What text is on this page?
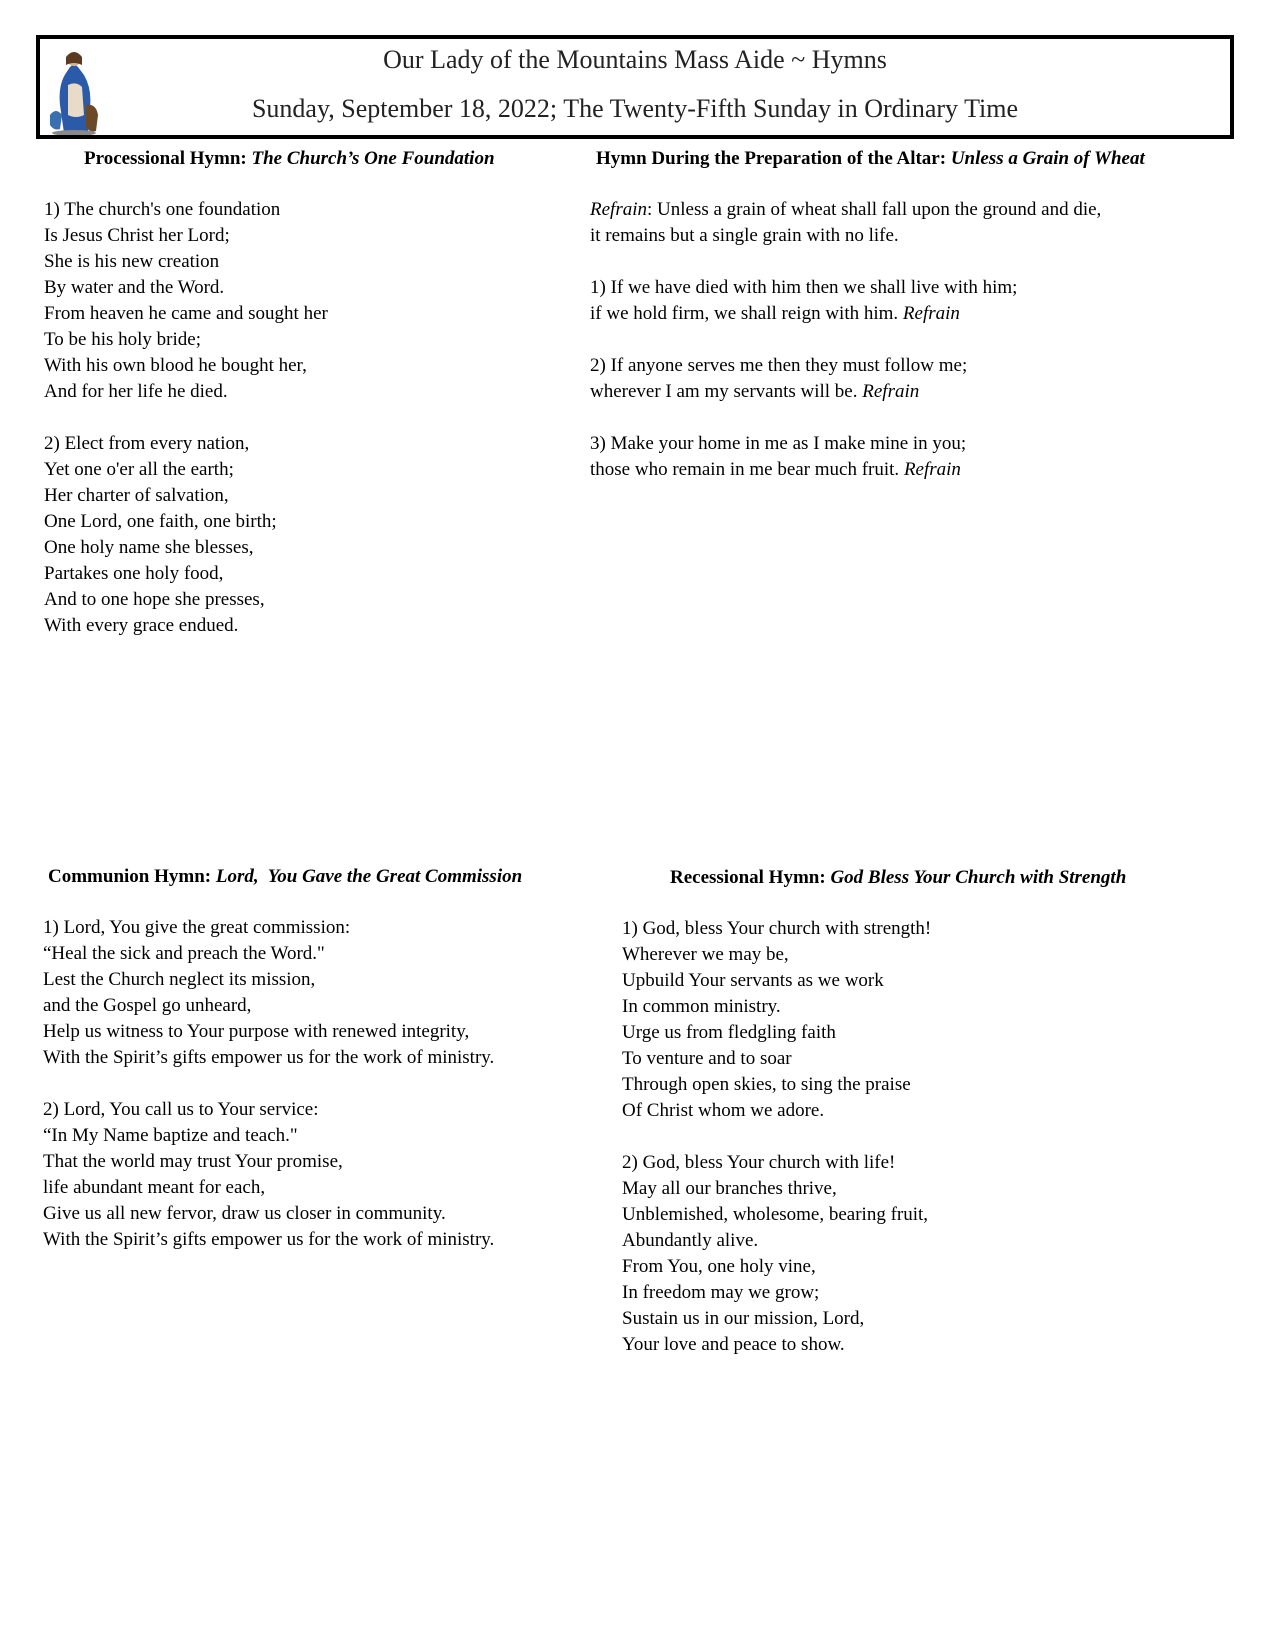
Our Lady of the Mountains Mass Aide ~ Hymns
Sunday, September 18, 2022; The Twenty-Fifth Sunday in Ordinary Time
Processional Hymn: The Church’s One Foundation
1) The church's one foundation
Is Jesus Christ her Lord;
She is his new creation
By water and the Word.
From heaven he came and sought her
To be his holy bride;
With his own blood he bought her,
And for her life he died.
2) Elect from every nation,
Yet one o'er all the earth;
Her charter of salvation,
One Lord, one faith, one birth;
One holy name she blesses,
Partakes one holy food,
And to one hope she presses,
With every grace endued.
Hymn During the Preparation of the Altar: Unless a Grain of Wheat
Refrain: Unless a grain of wheat shall fall upon the ground and die,
it remains but a single grain with no life.
1) If we have died with him then we shall live with him;
if we hold firm, we shall reign with him. Refrain
2) If anyone serves me then they must follow me;
wherever I am my servants will be. Refrain
3) Make your home in me as I make mine in you;
those who remain in me bear much fruit. Refrain
Communion Hymn: Lord,  You Gave the Great Commission
1) Lord, You give the great commission:
“Heal the sick and preach the Word."
Lest the Church neglect its mission,
and the Gospel go unheard,
Help us witness to Your purpose with renewed integrity,
With the Spirit’s gifts empower us for the work of ministry.
2) Lord, You call us to Your service:
“In My Name baptize and teach."
That the world may trust Your promise,
life abundant meant for each,
Give us all new fervor, draw us closer in community.
With the Spirit’s gifts empower us for the work of ministry.
Recessional Hymn: God Bless Your Church with Strength
1) God, bless Your church with strength!
Wherever we may be,
Upbuild Your servants as we work
In common ministry.
Urge us from fledgling faith
To venture and to soar
Through open skies, to sing the praise
Of Christ whom we adore.
2) God, bless Your church with life!
May all our branches thrive,
Unblemished, wholesome, bearing fruit,
Abundantly alive.
From You, one holy vine,
In freedom may we grow;
Sustain us in our mission, Lord,
Your love and peace to show.
